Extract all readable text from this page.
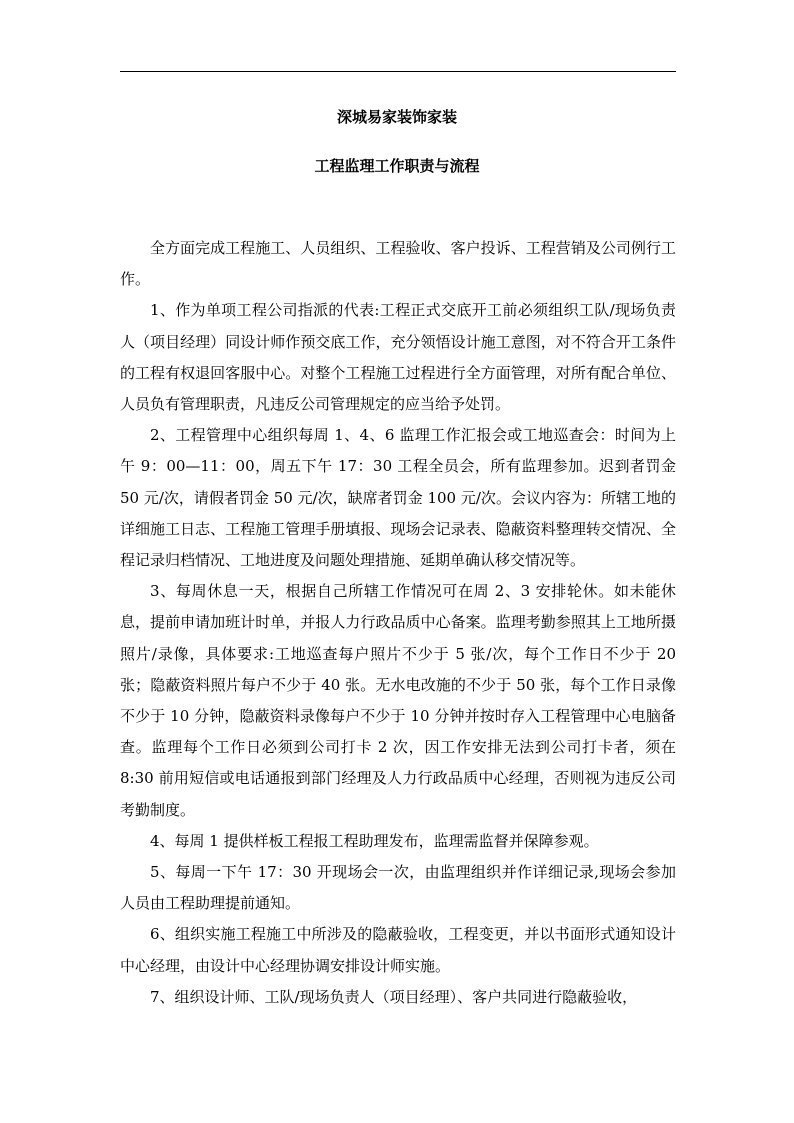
深城易家装饰家装
工程监理工作职责与流程

全方面完成工程施工、人员组织、工程验收、客户投诉、工程营销及公司例行工作。

1、作为单项工程公司指派的代表:工程正式交底开工前必须组织工队/现场负责　人（项目经理）同设计师作预交底工作，充分领悟设计施工意图，对不符合开工条件的工程有权退回客服中心。对整个工程施工过程进行全方面管理，对所有配合单位、人员负有管理职责，凡违反公司管理规定的应当给予处罚。

2、工程管理中心组织每周 1、4、6 监理工作汇报会或工地巡查会：时间为上午 9：00—11：00，周五下午 17：30 工程全员会，所有监理参加。迟到者罚金 50 元/次，请假者罚金 50 元/次，缺席者罚金 100 元/次。会议内容为：所辖工地的详细施工日志、工程施工管理手册填报、现场会记录表、隐蔽资料整理转交情况、全程记录归档情况、工地进度及问题处理措施、延期单确认移交情况等。

3、每周休息一天，根据自己所辖工作情况可在周 2、3 安排轮休。如未能休息，提前申请加班计时单，并报人力行政品质中心备案。监理考勤参照其上工地所摄照片/录像，具体要求:工地巡查每户照片不少于 5 张/次，每个工作日不少于 20 张；隐蔽资料照片每户不少于 40 张。无水电改施的不少于 50 张，每个工作日录像不少于 10 分钟，隐蔽资料录像每户不少于 10 分钟并按时存入工程管理中心电脑备查。监理每个工作日必须到公司打卡 2 次，因工作安排无法到公司打卡者，须在 8:30 前用短信或电话通报到部门经理及人力行政品质中心经理，否则视为违反公司考勤制度。

4、每周 1 提供样板工程报工程助理发布，监理需监督并保障参观。

5、每周一下午 17：30 开现场会一次，由监理组织并作详细记录,现场会参加人员由工程助理提前通知。

6、组织实施工程施工中所涉及的隐蔽验收，工程变更，并以书面形式通知设计中心经理，由设计中心经理协调安排设计师实施。

7、组织设计师、工队/现场负责人（项目经理）、客户共同进行隐蔽验收，
